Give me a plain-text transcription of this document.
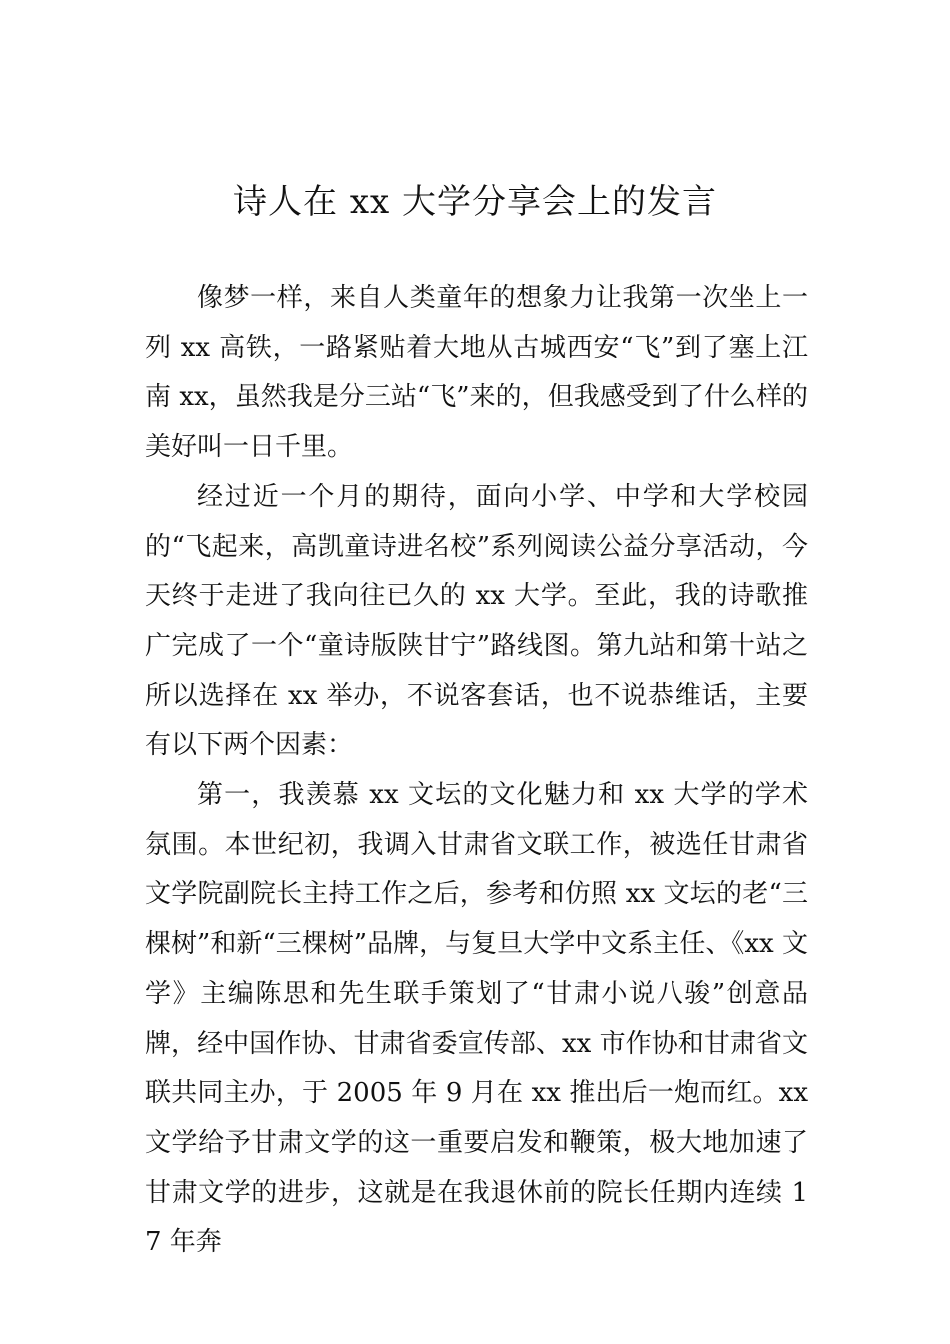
诗人在 xx 大学分享会上的发言

像梦一样，来自人类童年的想象力让我第一次坐上一列 xx 高铁，一路紧贴着大地从古城西安“飞”到了塞上江南 xx，虽然我是分三站“飞”来的，但我感受到了什么样的美好叫一日千里。

经过近一个月的期待，面向小学、中学和大学校园的“飞起来，高凯童诗进名校”系列阅读公益分享活动，今天终于走进了我向往已久的 xx 大学。至此，我的诗歌推广完成了一个“童诗版陕甘宁”路线图。第九站和第十站之所以选择在 xx 举办，不说客套话，也不说恭维话，主要有以下两个因素：

第一，我羡慕 xx 文坛的文化魅力和 xx 大学的学术氛围。本世纪初，我调入甘肃省文联工作，被选任甘肃省文学院副院长主持工作之后，参考和仿照 xx 文坛的老“三棵树”和新“三棵树”品牌，与复旦大学中文系主任、《xx 文学》主编陈思和先生联手策划了“甘肃小说八骏”创意品牌，经中国作协、甘肃省委宣传部、xx 市作协和甘肃省文联共同主办，于 2005 年 9 月在 xx 推出后一炮而红。xx 文学给予甘肃文学的这一重要启发和鞭策，极大地加速了甘肃文学的进步，这就是在我退休前的院长任期内连续 17 年奔
